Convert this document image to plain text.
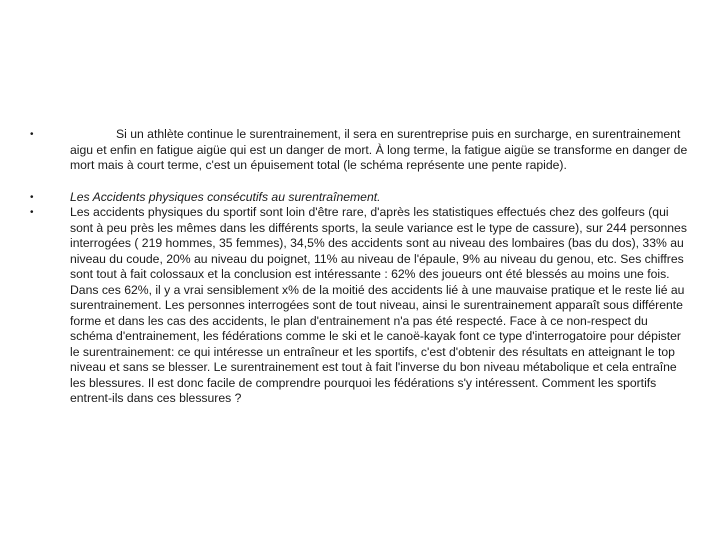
•	Si un athlète continue le surentrainement, il sera en surentreprise puis en surcharge, en surentrainement aigu et enfin en fatigue aigüe qui est un danger de mort. À long terme, la fatigue aigüe se transforme en danger de mort mais à court terme, c'est un épuisement total (le schéma représente une pente rapide).
•	Les Accidents physiques consécutifs au surentraînement.
•	Les accidents physiques du sportif sont loin d'être rare, d'après les statistiques effectués chez des golfeurs (qui sont à peu près les mêmes dans les différents sports, la seule variance est le type de cassure), sur 244 personnes interrogées ( 219 hommes, 35 femmes), 34,5% des accidents sont au niveau des lombaires (bas du dos), 33% au niveau du coude, 20% au niveau du poignet, 11% au niveau de l'épaule, 9% au niveau du genou, etc. Ses chiffres sont tout à fait colossaux et la conclusion est intéressante : 62% des joueurs ont été blessés au moins une fois. Dans ces 62%, il y a vrai sensiblement x% de la moitié des accidents lié à une mauvaise pratique et le reste lié au surentrainement. Les personnes interrogées sont de tout niveau, ainsi le surentrainement apparaît sous différente forme et dans les cas des accidents, le plan d'entrainement n'a pas été respecté. Face à ce non-respect du schéma d'entrainement, les fédérations comme le ski et le canoë-kayak font ce type d'interrogatoire pour dépister le surentrainement: ce qui intéresse un entraîneur et les sportifs, c'est d'obtenir des résultats en atteignant le top niveau et sans se blesser. Le surentrainement est tout à fait l'inverse du bon niveau métabolique et cela entraîne les blessures. Il est donc facile de comprendre pourquoi les fédérations s'y intéressent. Comment les sportifs entrent-ils dans ces blessures ?
